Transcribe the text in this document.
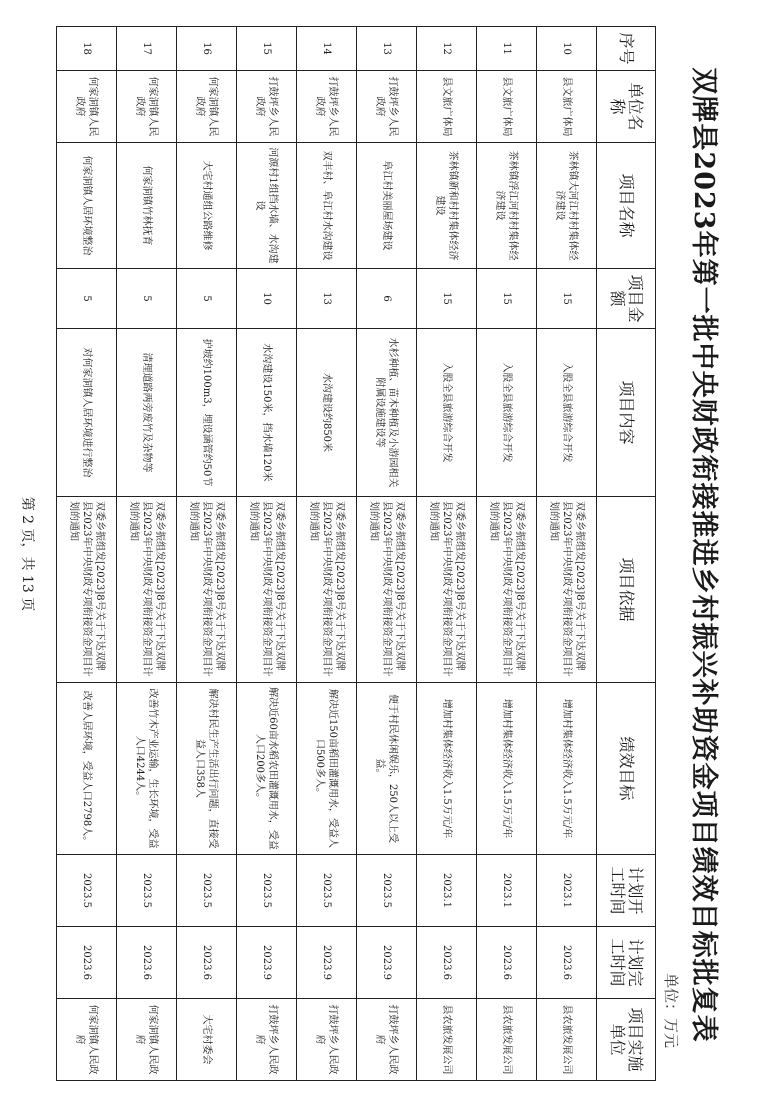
双牌县2023年第一批中央财政衔接推进乡村振兴补助资金项目绩效目标批复表
单位：万元
序号	单位名称	项目名称	项目金额	项目内容	项目依据	绩效目标	计划开工时间	计划完工时间	项目实施单位
10	县文旅广体局	茶林镇大河江村村集体经济建设	15	入股全县旅游综合开发	双委乡振组发[2023]8号关于下达双牌县2023年中央财政专项衔接资金项目计划的通知	增加村集体经济收入1.5万元/年	2023.1	2023.6	县农旅发展公司
11	县文旅广体局	茶林镇浮江河村村集体经济建设	15	入股全县旅游综合开发	双委乡振组发[2023]8号关于下达双牌县2023年中央财政专项衔接资金项目计划的通知	增加村集体经济收入1.5万元/年	2023.1	2023.6	县农旅发展公司
12	县文旅广体局	茶林镇新和村村集体经济建设	15	入股全县旅游综合开发	双委乡振组发[2023]8号关于下达双牌县2023年中央财政专项衔接资金项目计划的通知	增加村集体经济收入1.5万元/年	2023.1	2023.6	县农旅发展公司
13	打鼓坪乡人民政府	阜江村美丽屋场建设	6	水杉种植、苗木种植及小游园相关附属设施建设等	双委乡振组发[2023]8号关于下达双牌县2023年中央财政专项衔接资金项目计划的通知	便于村民休闲娱乐，250人以上受益。	2023.5	2023.9	打鼓坪乡人民政府
14	打鼓坪乡人民政府	双丰村、阜江村水沟建设	13	水沟建设约850米	双委乡振组发[2023]8号关于下达双牌县2023年中央财政专项衔接资金项目计划的通知	解决近150亩稻田灌溉用水，受益人口500多人。	2023.5	2023.9	打鼓坪乡人民政府
15	打鼓坪乡人民政府	河源村1组挡水墙、水沟建设	10	水沟建设150米，挡水墙120米	双委乡振组发[2023]8号关于下达双牌县2023年中央财政专项衔接资金项目计划的通知	解决近60亩水稻农田灌溉用水，受益人口200多人。	2023.5	2023.9	打鼓坪乡人民政府
16	何家洞镇人民政府	大宅村通组公路维修	5	护坡约100m3，埋设涵管约50节	双委乡振组发[2023]8号关于下达双牌县2023年中央财政专项衔接资金项目计划的通知	解决村民生产生活出行问题，直接受益人口358人	2023.5	2023.6	大宅村委会
17	何家洞镇人民政府	何家洞镇竹林抚育	5	清理道路两旁废竹及杂物等	双委乡振组发[2023]8号关于下达双牌县2023年中央财政专项衔接资金项目计划的通知	改善竹木产业运输，生长环境，受益人口4244人。	2023.5	2023.6	何家洞镇人民政府
18	何家洞镇人民政府	何家洞镇人居环境整治	5	对何家洞镇人居环境进行整治	双委乡振组发[2023]8号关于下达双牌县2023年中央财政专项衔接资金项目计划的通知	改善人居环境，受益人口2798人。	2023.5	2023.6	何家洞镇人民政府
第 2 页，共 13 页
